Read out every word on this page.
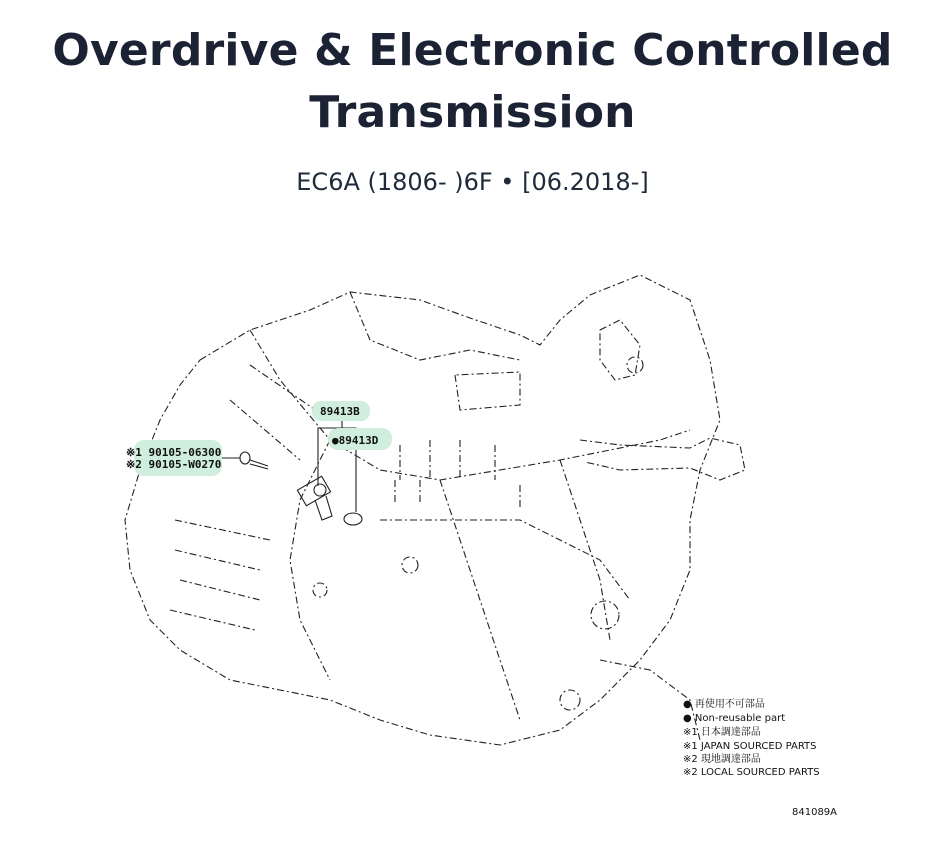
Overdrive & Electronic Controlled
Transmission
EC6A (1806- )6F • [06.2018-]
89413B
●89413D
※1 90105-06300
※2 90105-W0270
● 再使用不可部品
● Non-reusable part
※1 日本調達部品
※1 JAPAN SOURCED PARTS
※2 現地調達部品
※2 LOCAL SOURCED PARTS
841089A
